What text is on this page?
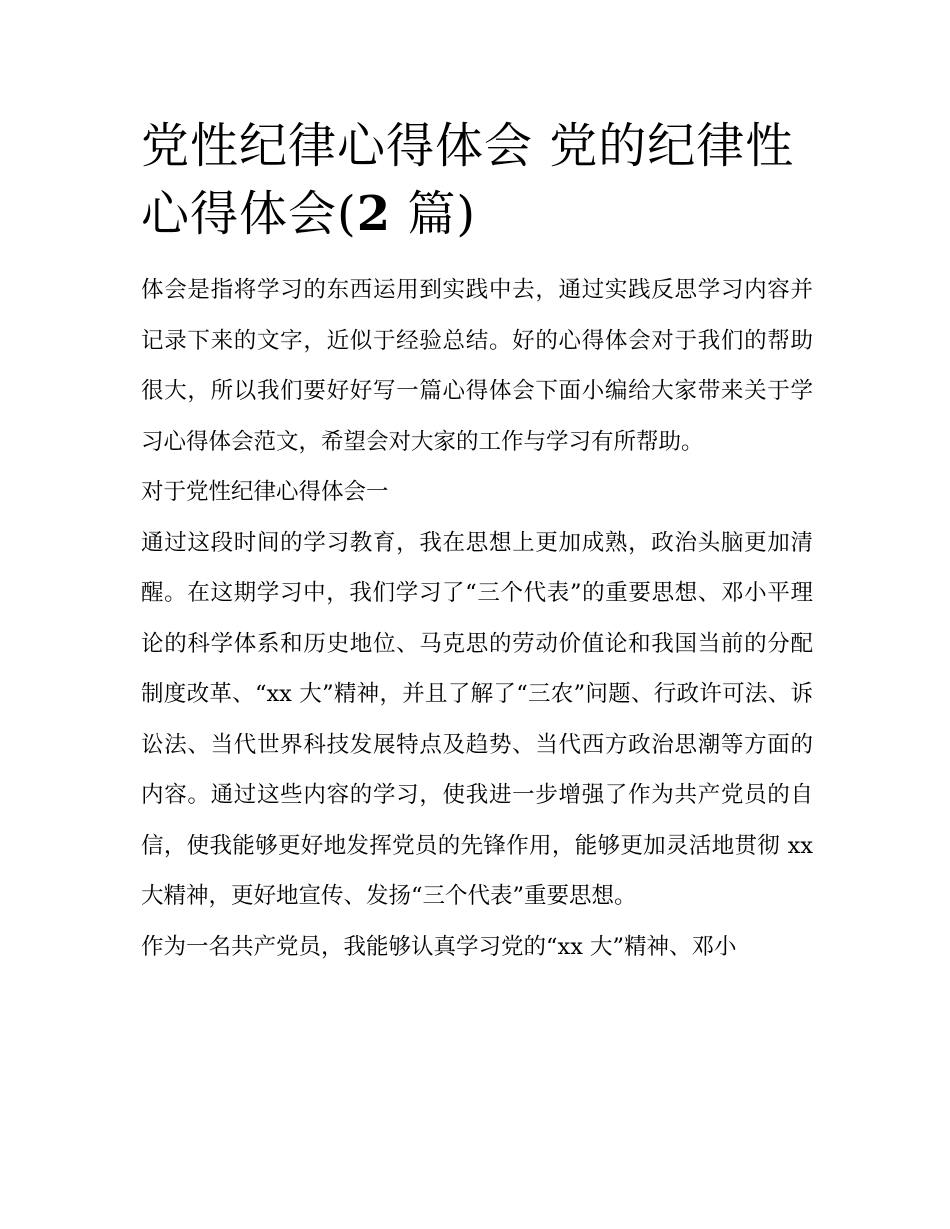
党性纪律心得体会 党的纪律性心得体会(2 篇)

体会是指将学习的东西运用到实践中去，通过实践反思学习内容并记录下来的文字，近似于经验总结。好的心得体会对于我们的帮助很大，所以我们要好好写一篇心得体会下面小编给大家带来关于学习心得体会范文，希望会对大家的工作与学习有所帮助。

对于党性纪律心得体会一

通过这段时间的学习教育，我在思想上更加成熟，政治头脑更加清醒。在这期学习中，我们学习了“三个代表”的重要思想、邓小平理论的科学体系和历史地位、马克思的劳动价值论和我国当前的分配制度改革、“xx 大”精神，并且了解了“三农”问题、行政许可法、诉讼法、当代世界科技发展特点及趋势、当代西方政治思潮等方面的内容。通过这些内容的学习，使我进一步增强了作为共产党员的自信，使我能够更好地发挥党员的先锋作用，能够更加灵活地贯彻 xx 大精神，更好地宣传、发扬“三个代表”重要思想。

作为一名共产党员，我能够认真学习党的“xx 大”精神、邓小
